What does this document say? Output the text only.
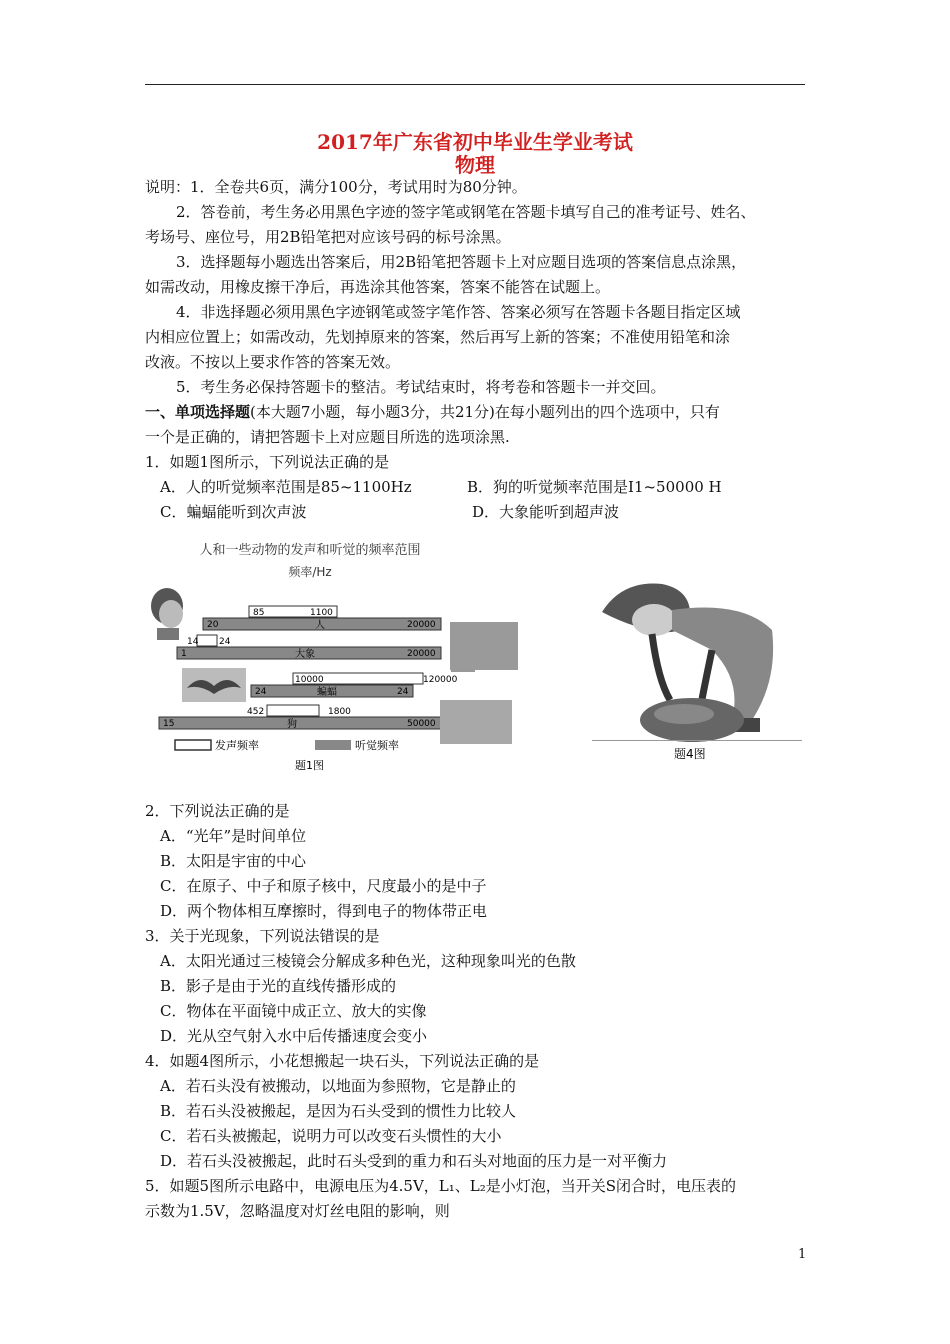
2017年广东省初中毕业生学业考试
物理
说明：1．全卷共6页，满分100分，考试用时为80分钟。
2．答卷前，考生务必用黑色字迹的签字笔或钢笔在答题卡填写自己的准考证号、姓名、
考场号、座位号，用2B铅笔把对应该号码的标号涂黑。
3．选择题每小题选出答案后，用2B铅笔把答题卡上对应题目选项的答案信息点涂黑，
如需改动，用橡皮擦干净后，再选涂其他答案，答案不能答在试题上。
4．非选择题必须用黑色字迹钢笔或签字笔作答、答案必须写在答题卡各题目指定区域
内相应位置上；如需改动，先划掉原来的答案，然后再写上新的答案；不准使用铅笔和涂
改液。不按以上要求作答的答案无效。
5．考生务必保持答题卡的整洁。考试结束时，将考卷和答题卡一并交回。
一、单项选择题(本大题7小题，每小题3分，共21分)在每小题列出的四个选项中，只有
一个是正确的，请把答题卡上对应题目所选的选项涂黑.
1．如题1图所示，下列说法正确的是
A．人的听觉频率范围是85~1100Hz	B．狗的听觉频率范围是I1~50000 H
C．蝙蝠能听到次声波	D．大象能听到超声波
人和一些动物的发声和听觉的频率范围
频率/Hz
85	1100
20	人	20000
14 24
1	大象	20000
10000	120000
24	蝙蝠	24
452	1800
15	狗	50000
发声频率	听觉频率
题1图
题4图
2．下列说法正确的是
A．“光年”是时间单位
B．太阳是宇宙的中心
C．在原子、中子和原子核中，尺度最小的是中子
D．两个物体相互摩擦时，得到电子的物体带正电
3．关于光现象，下列说法错误的是
A．太阳光通过三棱镜会分解成多种色光，这种现象叫光的色散
B．影子是由于光的直线传播形成的
C．物体在平面镜中成正立、放大的实像
D．光从空气射入水中后传播速度会变小
4．如题4图所示，小花想搬起一块石头，下列说法正确的是
A．若石头没有被搬动，以地面为参照物，它是静止的
B．若石头没被搬起，是因为石头受到的惯性力比较人
C．若石头被搬起，说明力可以改变石头惯性的大小
D．若石头没被搬起，此时石头受到的重力和石头对地面的压力是一对平衡力
5．如题5图所示电路中，电源电压为4.5V，L₁、L₂是小灯泡，当开关S闭合时，电压表的
示数为1.5V，忽略温度对灯丝电阻的影响，则
1
